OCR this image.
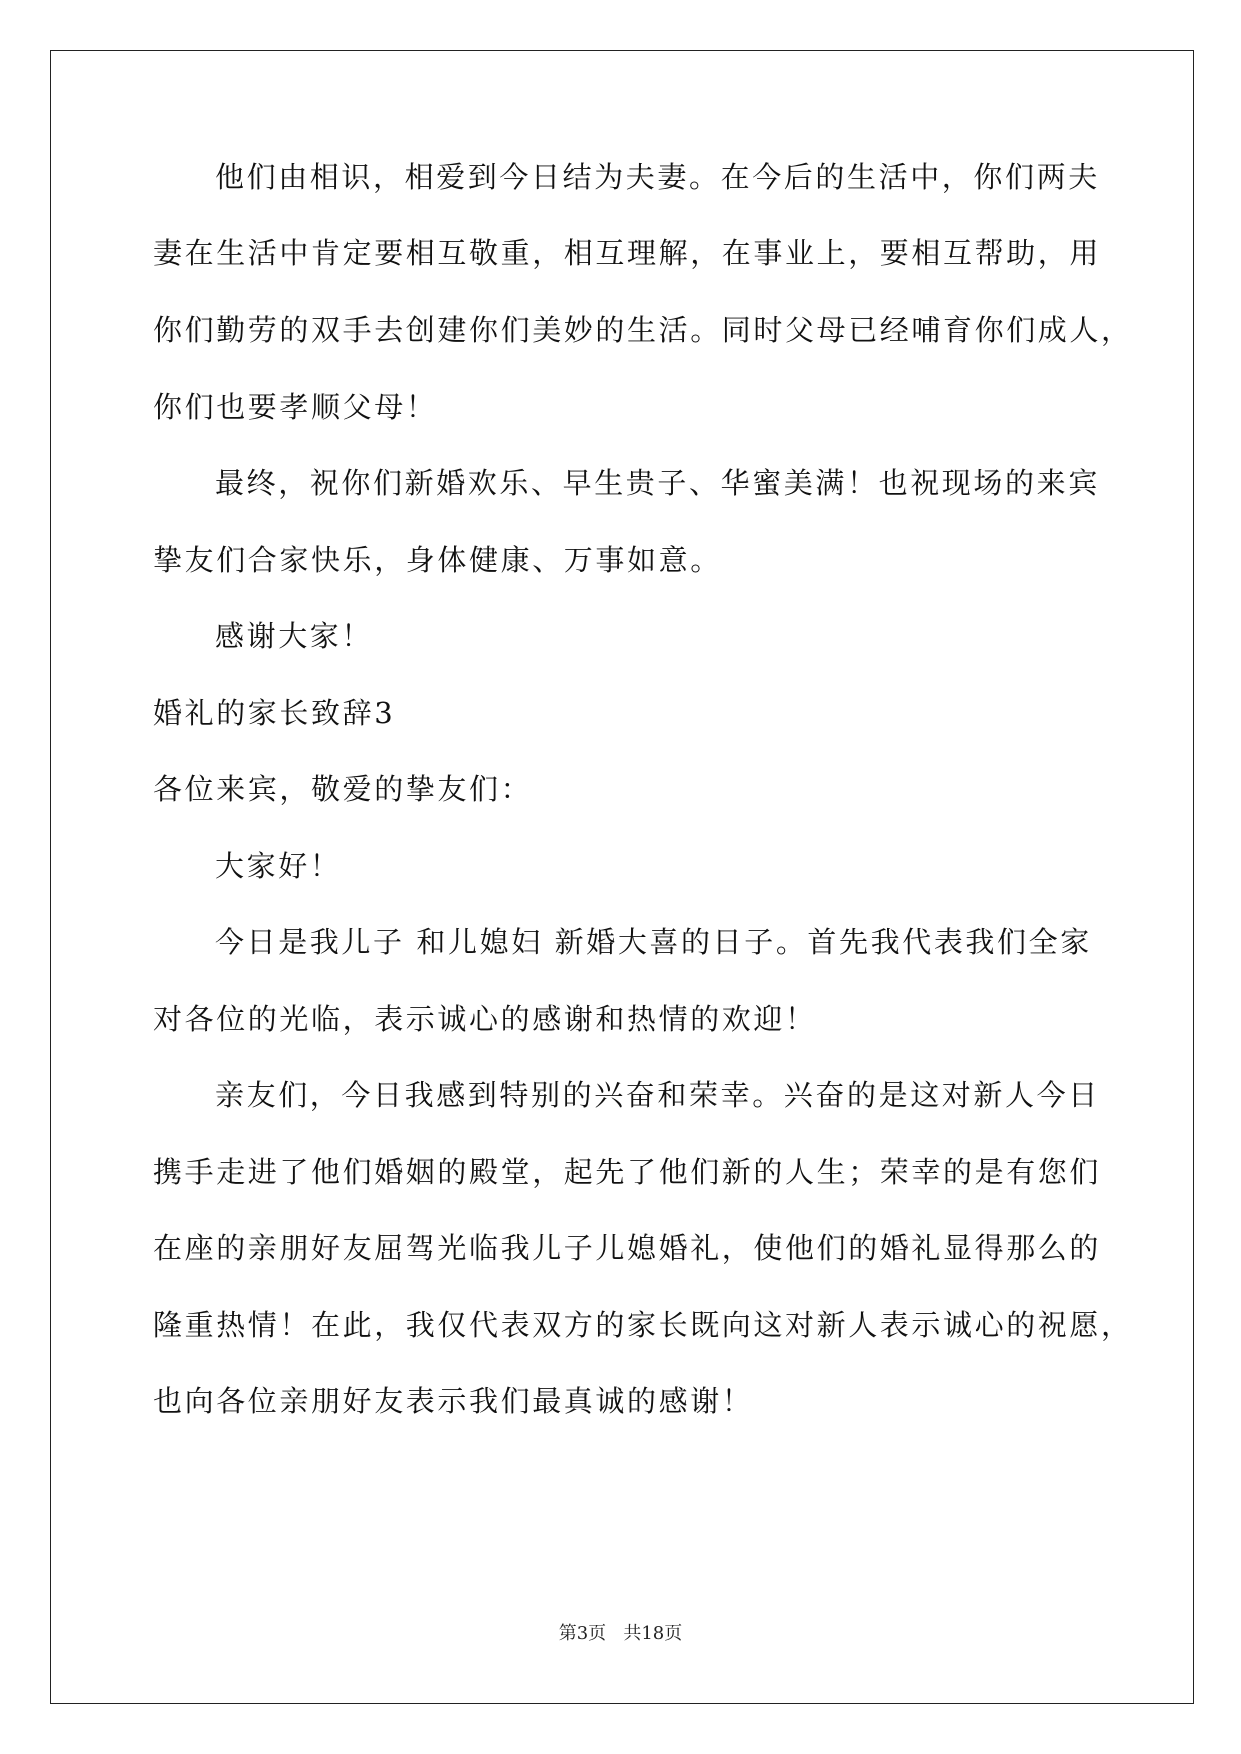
他们由相识，相爱到今日结为夫妻。在今后的生活中，你们两夫
妻在生活中肯定要相互敬重，相互理解，在事业上，要相互帮助，用
你们勤劳的双手去创建你们美妙的生活。同时父母已经哺育你们成人，
你们也要孝顺父母！
最终，祝你们新婚欢乐、早生贵子、华蜜美满！也祝现场的来宾
挚友们合家快乐，身体健康、万事如意。
感谢大家！
婚礼的家长致辞3
各位来宾，敬爱的挚友们：
大家好！
今日是我儿子 和儿媳妇 新婚大喜的日子。首先我代表我们全家
对各位的光临，表示诚心的感谢和热情的欢迎！
亲友们，今日我感到特别的兴奋和荣幸。兴奋的是这对新人今日
携手走进了他们婚姻的殿堂，起先了他们新的人生；荣幸的是有您们
在座的亲朋好友屈驾光临我儿子儿媳婚礼，使他们的婚礼显得那么的
隆重热情！在此，我仅代表双方的家长既向这对新人表示诚心的祝愿，
也向各位亲朋好友表示我们最真诚的感谢！
第3页   共18页
